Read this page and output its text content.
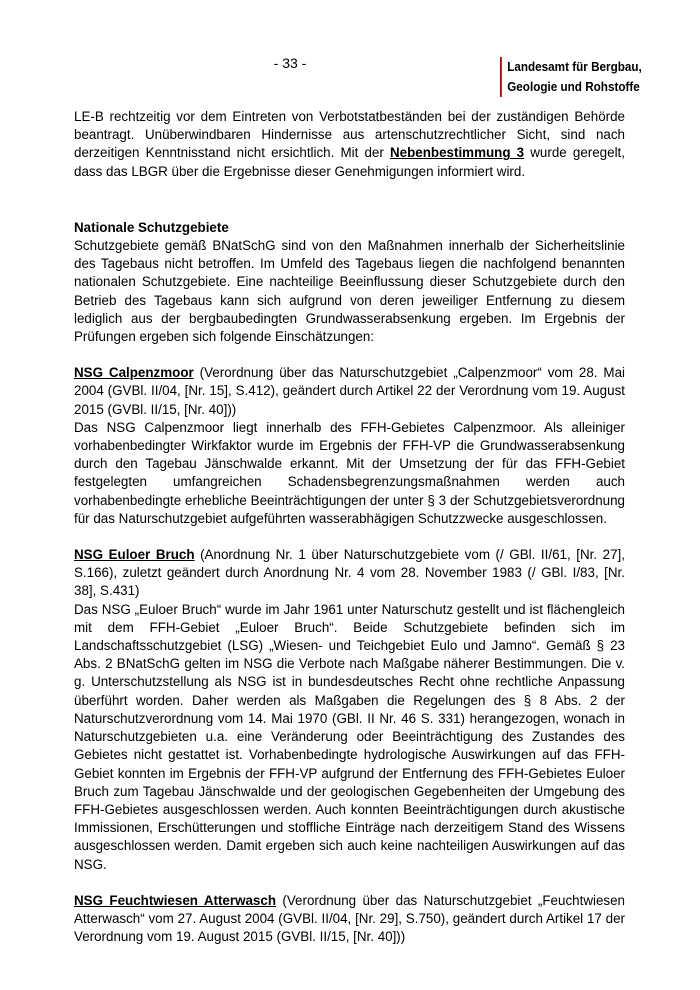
- 33 -	Landesamt für Bergbau,
Geologie und Rohstoffe

LE-B rechtzeitig vor dem Eintreten von Verbotstatbeständen bei der zuständigen Behörde beantragt. Unüberwindbaren Hindernisse aus artenschutzrechtlicher Sicht, sind nach derzeitigen Kenntnisstand nicht ersichtlich. Mit der Nebenbestimmung 3 wurde geregelt, dass das LBGR über die Ergebnisse dieser Genehmigungen informiert wird.

Nationale Schutzgebiete

Schutzgebiete gemäß BNatSchG sind von den Maßnahmen innerhalb der Sicherheitslinie des Tagebaus nicht betroffen. Im Umfeld des Tagebaus liegen die nachfolgend benannten nationalen Schutzgebiete. Eine nachteilige Beeinflussung dieser Schutzgebiete durch den Betrieb des Tagebaus kann sich aufgrund von deren jeweiliger Entfernung zu diesem lediglich aus der bergbaubedingten Grundwasserabsenkung ergeben. Im Ergebnis der Prüfungen ergeben sich folgende Einschätzungen:

NSG Calpenzmoor (Verordnung über das Naturschutzgebiet „Calpenzmoor“ vom 28. Mai 2004 (GVBl. II/04, [Nr. 15], S.412), geändert durch Artikel 22 der Verordnung vom 19. August 2015 (GVBl. II/15, [Nr. 40]))

Das NSG Calpenzmoor liegt innerhalb des FFH-Gebietes Calpenzmoor. Als alleiniger vorhabenbedingter Wirkfaktor wurde im Ergebnis der FFH-VP die Grundwasserabsenkung durch den Tagebau Jänschwalde erkannt. Mit der Umsetzung der für das FFH-Gebiet festgelegten umfangreichen Schadensbegrenzungsmaßnahmen werden auch vorhabenbedingte erhebliche Beeinträchtigungen der unter § 3 der Schutzgebietsverordnung für das Naturschutzgebiet aufgeführten wasserabhägigen Schutzzwecke ausgeschlossen.

NSG Euloer Bruch (Anordnung Nr. 1 über Naturschutzgebiete vom (/ GBl. II/61, [Nr. 27], S.166), zuletzt geändert durch Anordnung Nr. 4 vom 28. November 1983 (/ GBl. I/83, [Nr. 38], S.431)

Das NSG „Euloer Bruch“ wurde im Jahr 1961 unter Naturschutz gestellt und ist flächengleich mit dem FFH-Gebiet „Euloer Bruch“. Beide Schutzgebiete befinden sich im Landschaftsschutzgebiet (LSG) „Wiesen- und Teichgebiet Eulo und Jamno“. Gemäß § 23 Abs. 2 BNatSchG gelten im NSG die Verbote nach Maßgabe näherer Bestimmungen. Die v. g. Unterschutzstellung als NSG ist in bundesdeutsches Recht ohne rechtliche Anpassung überführt worden. Daher werden als Maßgaben die Regelungen des § 8 Abs. 2 der Naturschutzverordnung vom 14. Mai 1970 (GBl. II Nr. 46 S. 331) herangezogen, wonach in Naturschutzgebieten u.a. eine Veränderung oder Beeinträchtigung des Zustandes des Gebietes nicht gestattet ist. Vorhabenbedingte hydrologische Auswirkungen auf das FFH-Gebiet konnten im Ergebnis der FFH-VP aufgrund der Entfernung des FFH-Gebietes Euloer Bruch zum Tagebau Jänschwalde und der geologischen Gegebenheiten der Umgebung des FFH-Gebietes ausgeschlossen werden. Auch konnten Beeinträchtigungen durch akustische Immissionen, Erschütterungen und stoffliche Einträge nach derzeitigem Stand des Wissens ausgeschlossen werden. Damit ergeben sich auch keine nachteiligen Auswirkungen auf das NSG.

NSG Feuchtwiesen Atterwasch (Verordnung über das Naturschutzgebiet „Feuchtwiesen Atterwasch“ vom 27. August 2004 (GVBl. II/04, [Nr. 29], S.750), geändert durch Artikel 17 der Verordnung vom 19. August 2015 (GVBl. II/15, [Nr. 40]))
